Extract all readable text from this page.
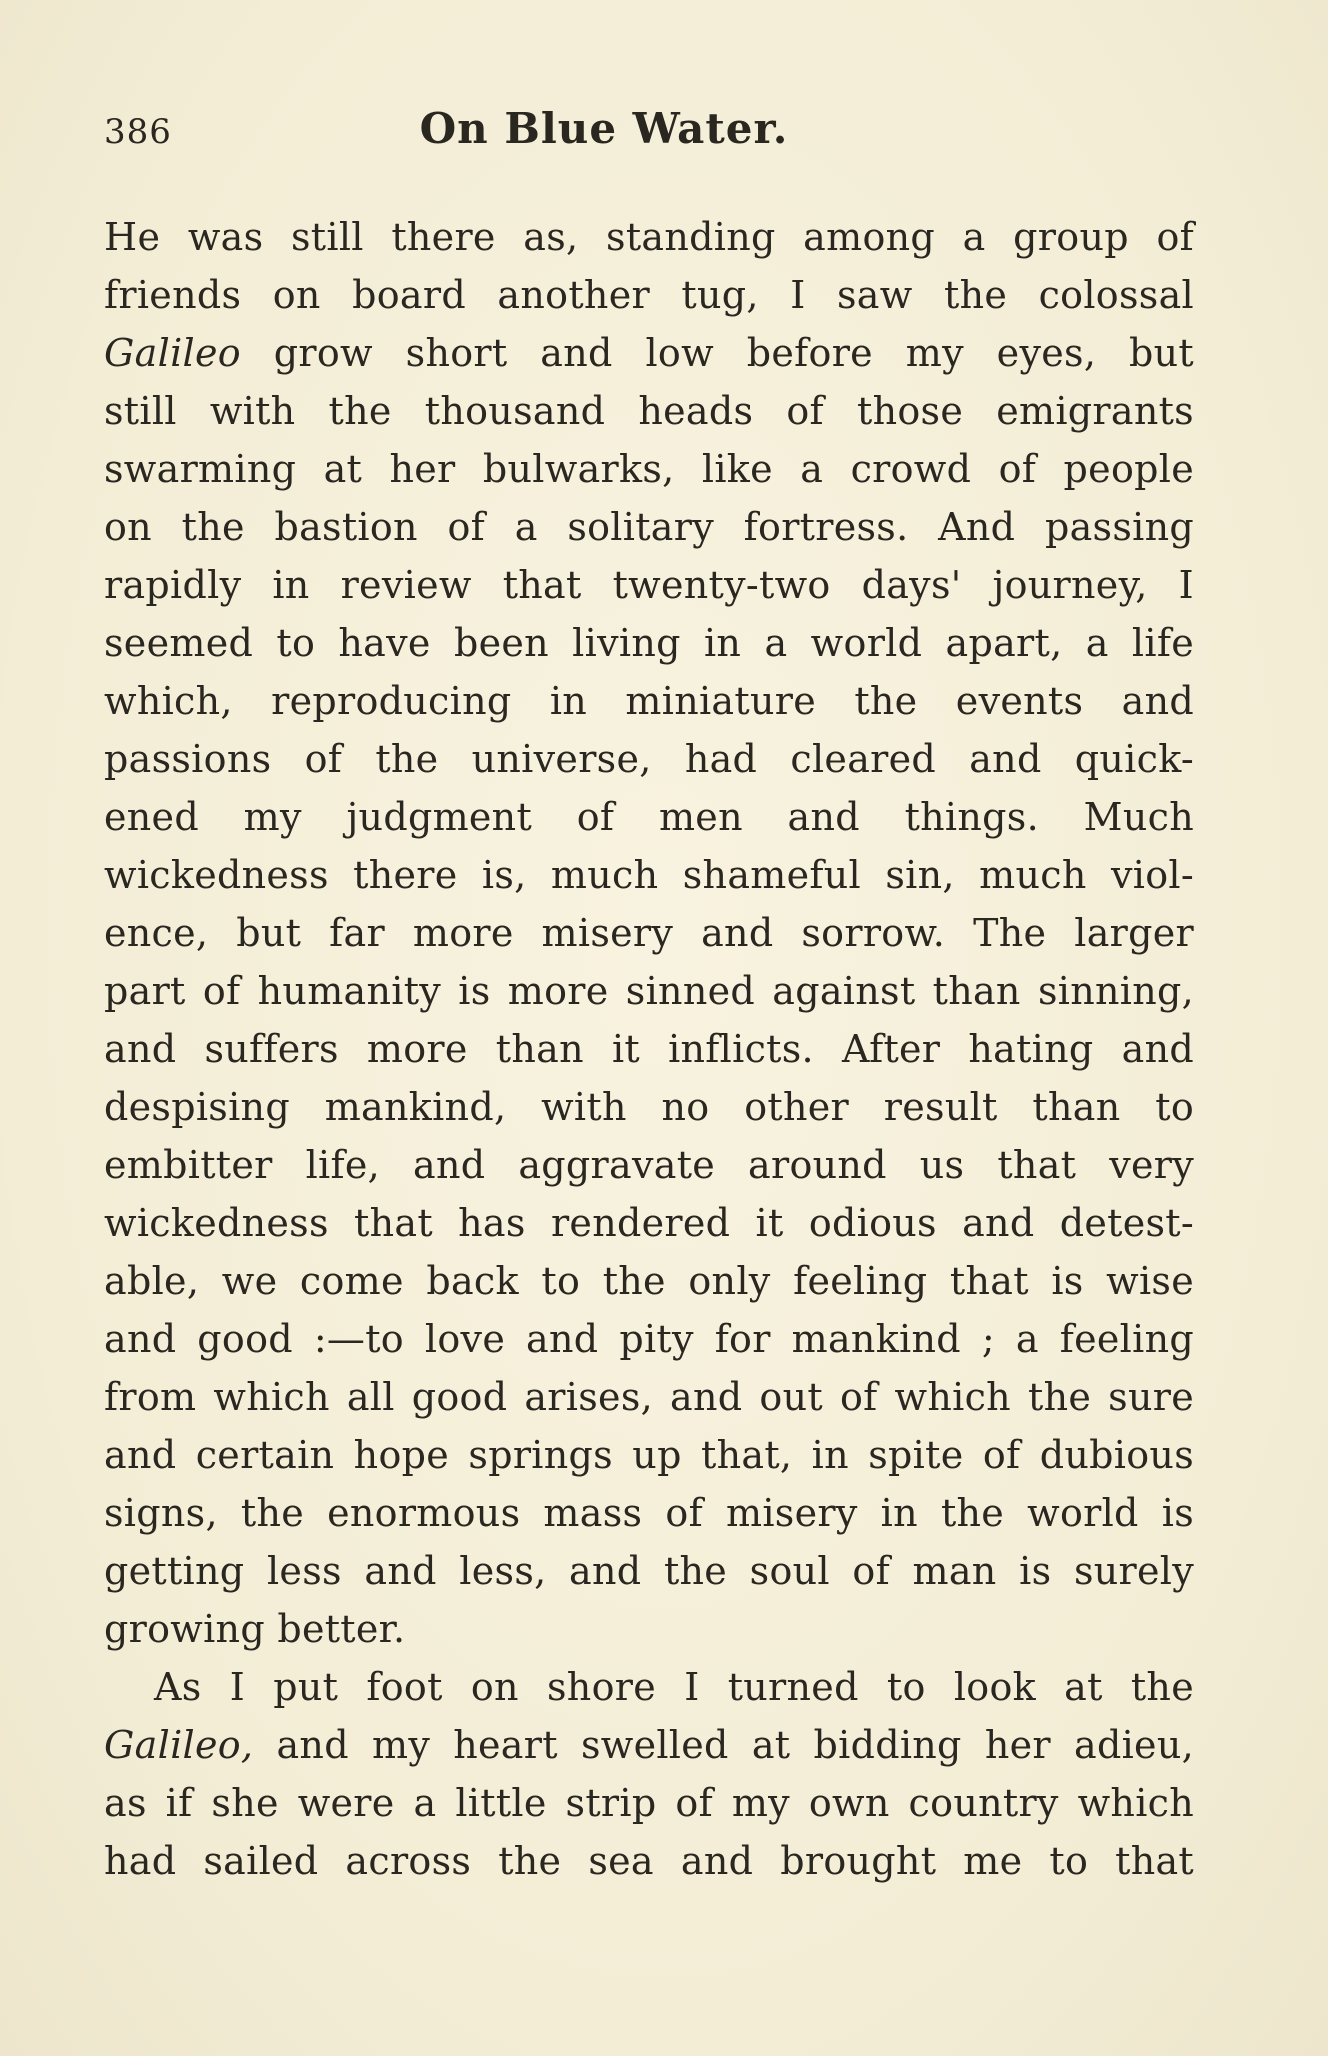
386	On Blue Water.
He was still there as, standing among a group of
friends on board another tug, I saw the colossal
Galileo grow short and low before my eyes, but
still with the thousand heads of those emigrants
swarming at her bulwarks, like a crowd of people
on the bastion of a solitary fortress. And passing
rapidly in review that twenty-two days' journey, I
seemed to have been living in a world apart, a life
which, reproducing in miniature the events and
passions of the universe, had cleared and quick-
ened my judgment of men and things. Much
wickedness there is, much shameful sin, much viol-
ence, but far more misery and sorrow. The larger
part of humanity is more sinned against than sinning,
and suffers more than it inflicts. After hating and
despising mankind, with no other result than to
embitter life, and aggravate around us that very
wickedness that has rendered it odious and detest-
able, we come back to the only feeling that is wise
and good :—to love and pity for mankind ; a feeling
from which all good arises, and out of which the sure
and certain hope springs up that, in spite of dubious
signs, the enormous mass of misery in the world is
getting less and less, and the soul of man is surely
growing better.
As I put foot on shore I turned to look at the
Galileo, and my heart swelled at bidding her adieu,
as if she were a little strip of my own country which
had sailed across the sea and brought me to that
